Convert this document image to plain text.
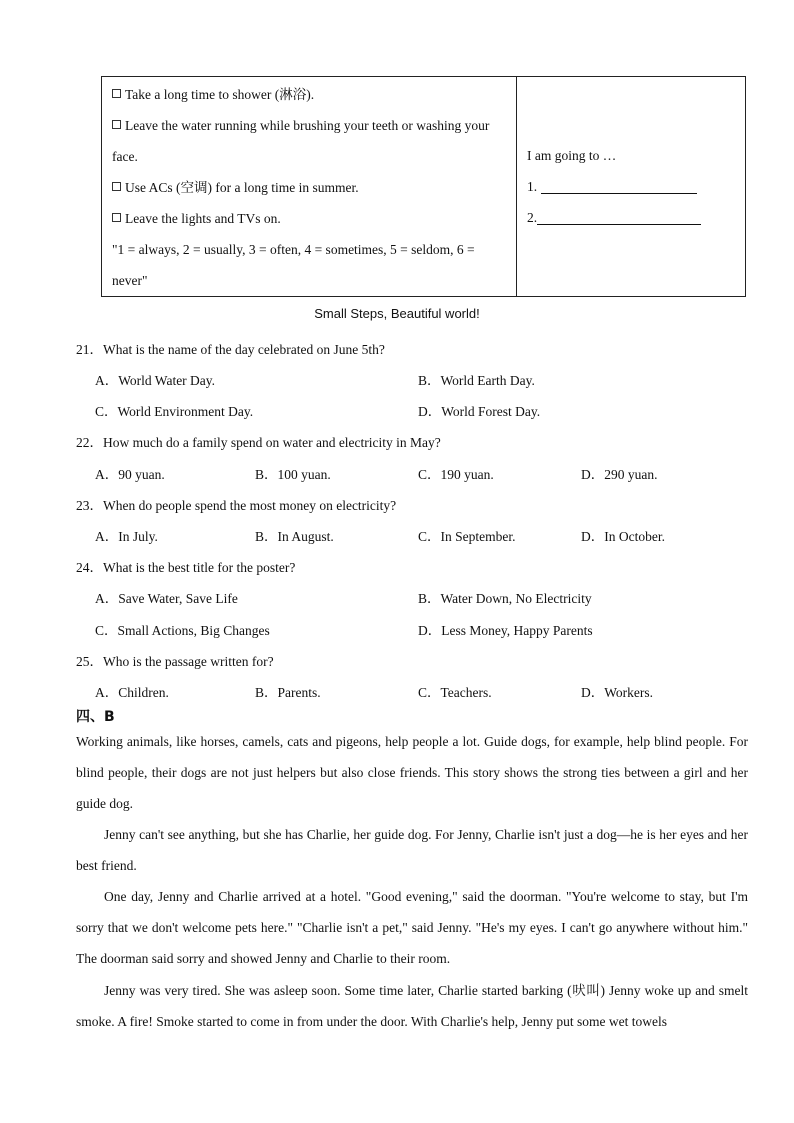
Take a long time to shower (淋浴).
Leave the water running while brushing your teeth or washing your
face.
Use ACs (空调) for a long time in summer.
Leave the lights and TVs on.
"1 = always, 2 = usually, 3 = often, 4 = sometimes, 5 = seldom, 6 =
never"
I am going to …
1.
2.
Small Steps, Beautiful world!
21．What is the name of the day celebrated on June 5th?
A．World Water Day.	B．World Earth Day.
C．World Environment Day.	D．World Forest Day.
22．How much do a family spend on water and electricity in May?
A．90 yuan.	B．100 yuan.	C．190 yuan.	D．290 yuan.
23．When do people spend the most money on electricity?
A．In July.	B．In August.	C．In September.	D．In October.
24．What is the best title for the poster?
A．Save Water, Save Life	B．Water Down, No Electricity
C．Small Actions, Big Changes	D．Less Money, Happy Parents
25．Who is the passage written for?
A．Children.	B．Parents.	C．Teachers.	D．Workers.
四、B
Working animals, like horses, camels, cats and pigeons, help people a lot. Guide dogs, for example, help blind people. For blind people, their dogs are not just helpers but also close friends. This story shows the strong ties between a girl and her guide dog.
Jenny can't see anything, but she has Charlie, her guide dog. For Jenny, Charlie isn't just a dog—he is her eyes and her best friend.
One day, Jenny and Charlie arrived at a hotel. "Good evening," said the doorman. "You're welcome to stay, but I'm sorry that we don't welcome pets here." "Charlie isn't a pet," said Jenny. "He's my eyes. I can't go anywhere without him." The doorman said sorry and showed Jenny and Charlie to their room.
Jenny was very tired. She was asleep soon. Some time later, Charlie started barking (吠叫) Jenny woke up and smelt smoke. A fire! Smoke started to come in from under the door. With Charlie's help, Jenny put some wet towels
